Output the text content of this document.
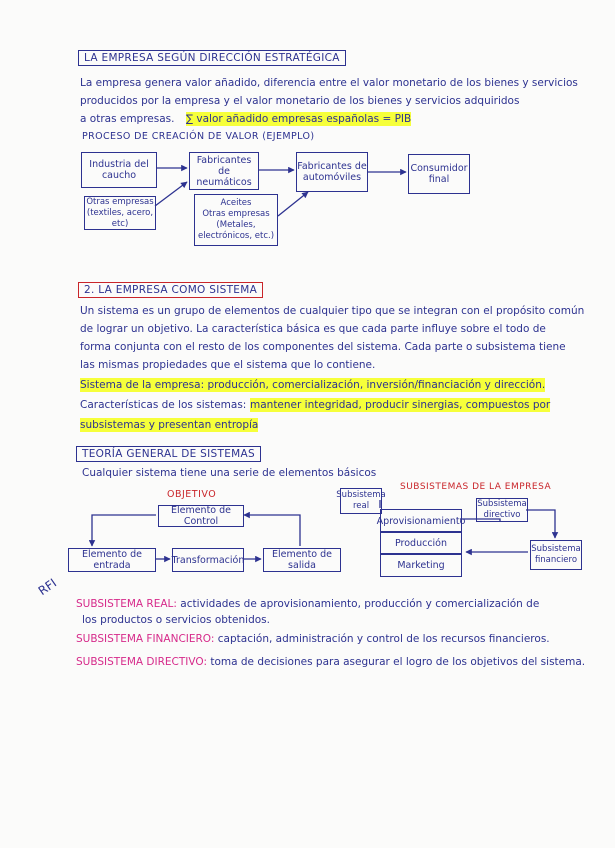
LA EMPRESA SEGÚN DIRECCIÓN ESTRATÉGICA
La empresa genera valor añadido, diferencia entre el valor monetario de los bienes y servicios
producidos por la empresa y el valor monetario de los bienes y servicios adquiridos
a otras empresas. ∑ valor añadido empresas españolas = PIB
PROCESO DE CREACIÓN DE VALOR (EJEMPLO)
Industria del caucho
Otras empresas (textiles, acero, etc)
Fabricantes de neumáticos
Fabricantes de automóviles
Consumidor final
Aceites
Otras empresas
(Metales, electrónicos, etc.)
2. LA EMPRESA COMO SISTEMA
Un sistema es un grupo de elementos de cualquier tipo que se integran con el propósito común
de lograr un objetivo. La característica básica es que cada parte influye sobre el todo de
forma conjunta con el resto de los componentes del sistema. Cada parte o subsistema tiene
las mismas propiedades que el sistema que lo contiene.
Sistema de la empresa: producción, comercialización, inversión/financiación y dirección.
Características de los sistemas: mantener integridad, producir sinergias, compuestos por
subsistemas y presentan entropía
TEORÍA GENERAL DE SISTEMAS
Cualquier sistema tiene una serie de elementos básicos
OBJETIVO
Elemento de Control
Elemento de entrada	Transformación	Elemento de salida
Subsistema real
SUBSISTEMAS DE LA EMPRESA
Aprovisionamiento
Producción
Marketing
Subsistema directivo
Subsistema financiero
RFI
SUBSISTEMA REAL: actividades de aprovisionamiento, producción y comercialización de
los productos o servicios obtenidos.
SUBSISTEMA FINANCIERO: captación, administración y control de los recursos financieros.
SUBSISTEMA DIRECTIVO: toma de decisiones para asegurar el logro de los objetivos del sistema.
